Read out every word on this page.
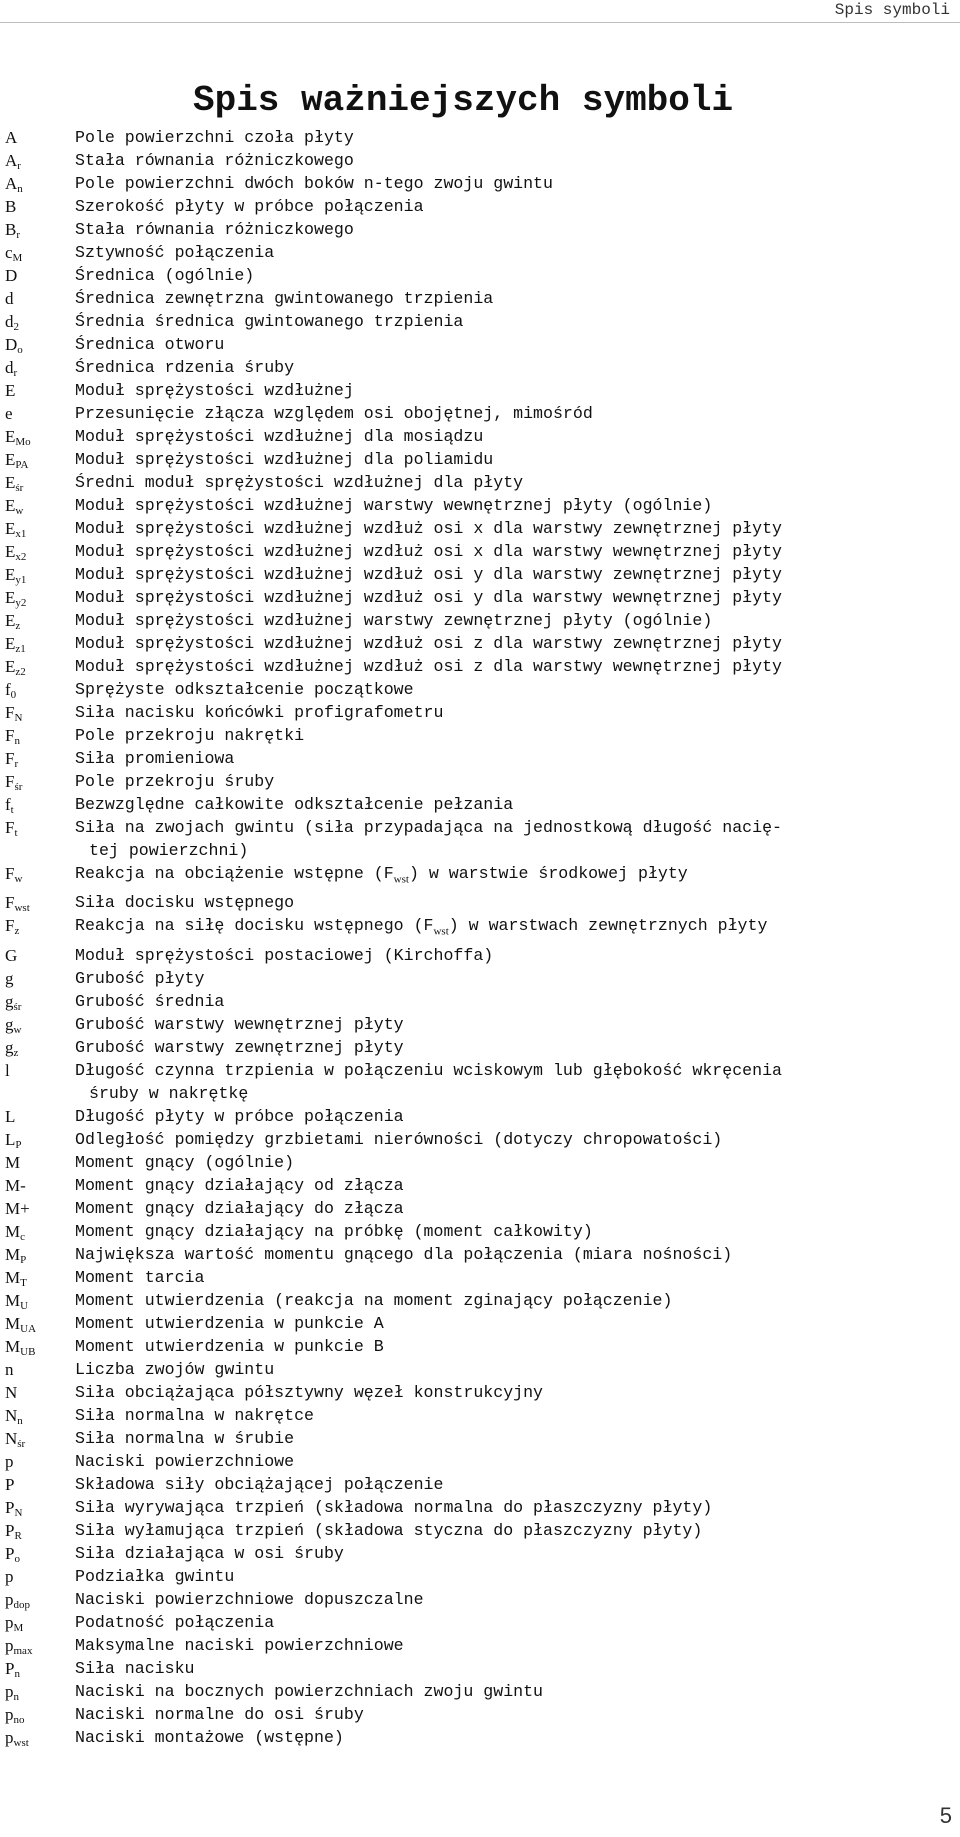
Spis symboli
Spis ważniejszych symboli
A	Pole powierzchni czoła płyty
$A_r$	Stała równania różniczkowego
$A_n$	Pole powierzchni dwóch boków n-tego zwoju gwintu
B	Szerokość płyty w próbce połączenia
$B_r$	Stała równania różniczkowego
$c_M$	Sztywność połączenia
D	Średnica (ogólnie)
d	Średnica zewnętrzna gwintowanego trzpienia
$d_2$	Średnia średnica gwintowanego trzpienia
$D_o$	Średnica otworu
$d_r$	Średnica rdzenia śruby
E	Moduł sprężystości wzdłużnej
e	Przesunięcie złącza względem osi obojętnej, mimośród
$E_{Mo}$	Moduł sprężystości wzdłużnej dla mosiądzu
$E_{PA}$	Moduł sprężystości wzdłużnej dla poliamidu
$E_{śr}$	Średni moduł sprężystości wzdłużnej dla płyty
$E_w$	Moduł sprężystości wzdłużnej warstwy wewnętrznej płyty (ogólnie)
$E_{x1}$	Moduł sprężystości wzdłużnej wzdłuż osi x dla warstwy zewnętrznej płyty
$E_{x2}$	Moduł sprężystości wzdłużnej wzdłuż osi x dla warstwy wewnętrznej płyty
$E_{y1}$	Moduł sprężystości wzdłużnej wzdłuż osi y dla warstwy zewnętrznej płyty
$E_{y2}$	Moduł sprężystości wzdłużnej wzdłuż osi y dla warstwy wewnętrznej płyty
$E_z$	Moduł sprężystości wzdłużnej warstwy zewnętrznej płyty (ogólnie)
$E_{z1}$	Moduł sprężystości wzdłużnej wzdłuż osi z dla warstwy zewnętrznej płyty
$E_{z2}$	Moduł sprężystości wzdłużnej wzdłuż osi z dla warstwy wewnętrznej płyty
$f_0$	Sprężyste odkształcenie początkowe
$F_N$	Siła nacisku końcówki profigrafometru
$F_n$	Pole przekroju nakrętki
$F_r$	Siła promieniowa
$F_{śr}$	Pole przekroju śruby
$f_t$	Bezwzględne całkowite odkształcenie pełzania
$F_t$	Siła na zwojach gwintu (siła przypadająca na jednostkową długość nacię-
tej powierzchni)
$F_w$	Reakcja na obciążenie wstępne $(F_{wst})$ w warstwie środkowej płyty
$F_{wst}$	Siła docisku wstępnego
$F_z$	Reakcja na siłę docisku wstępnego $(F_{wst})$ w warstwach zewnętrznych płyty
G	Moduł sprężystości postaciowej (Kirchoffa)
g	Grubość płyty
$g_{śr}$	Grubość średnia
$g_w$	Grubość warstwy wewnętrznej płyty
$g_z$	Grubość warstwy zewnętrznej płyty
l	Długość czynna trzpienia w połączeniu wciskowym lub głębokość wkręcenia
śruby w nakrętkę
L	Długość płyty w próbce połączenia
$L_P$	Odległość pomiędzy grzbietami nierówności (dotyczy chropowatości)
M	Moment gnący (ogólnie)
M-	Moment gnący działający od złącza
M+	Moment gnący działający do złącza
$M_c$	Moment gnący działający na próbkę (moment całkowity)
$M_P$	Największa wartość momentu gnącego dla połączenia (miara nośności)
$M_T$	Moment tarcia
$M_U$	Moment utwierdzenia (reakcja na moment zginający połączenie)
$M_{UA}$	Moment utwierdzenia w punkcie A
$M_{UB}$	Moment utwierdzenia w punkcie B
n	Liczba zwojów gwintu
N	Siła obciążająca półsztywny węzeł konstrukcyjny
$N_n$	Siła normalna w nakrętce
$N_{śr}$	Siła normalna w śrubie
p	Naciski powierzchniowe
P	Składowa siły obciążającej połączenie
$P_N$	Siła wyrywająca trzpień (składowa normalna do płaszczyzny płyty)
$P_R$	Siła wyłamująca trzpień (składowa styczna do płaszczyzny płyty)
$P_o$	Siła działająca w osi śruby
p	Podziałka gwintu
$p_{dop}$	Naciski powierzchniowe dopuszczalne
$p_M$	Podatność połączenia
$p_{max}$	Maksymalne naciski powierzchniowe
$P_n$	Siła nacisku
$p_n$	Naciski na bocznych powierzchniach zwoju gwintu
$p_{no}$	Naciski normalne do osi śruby
$p_{wst}$	Naciski montażowe (wstępne)
5
